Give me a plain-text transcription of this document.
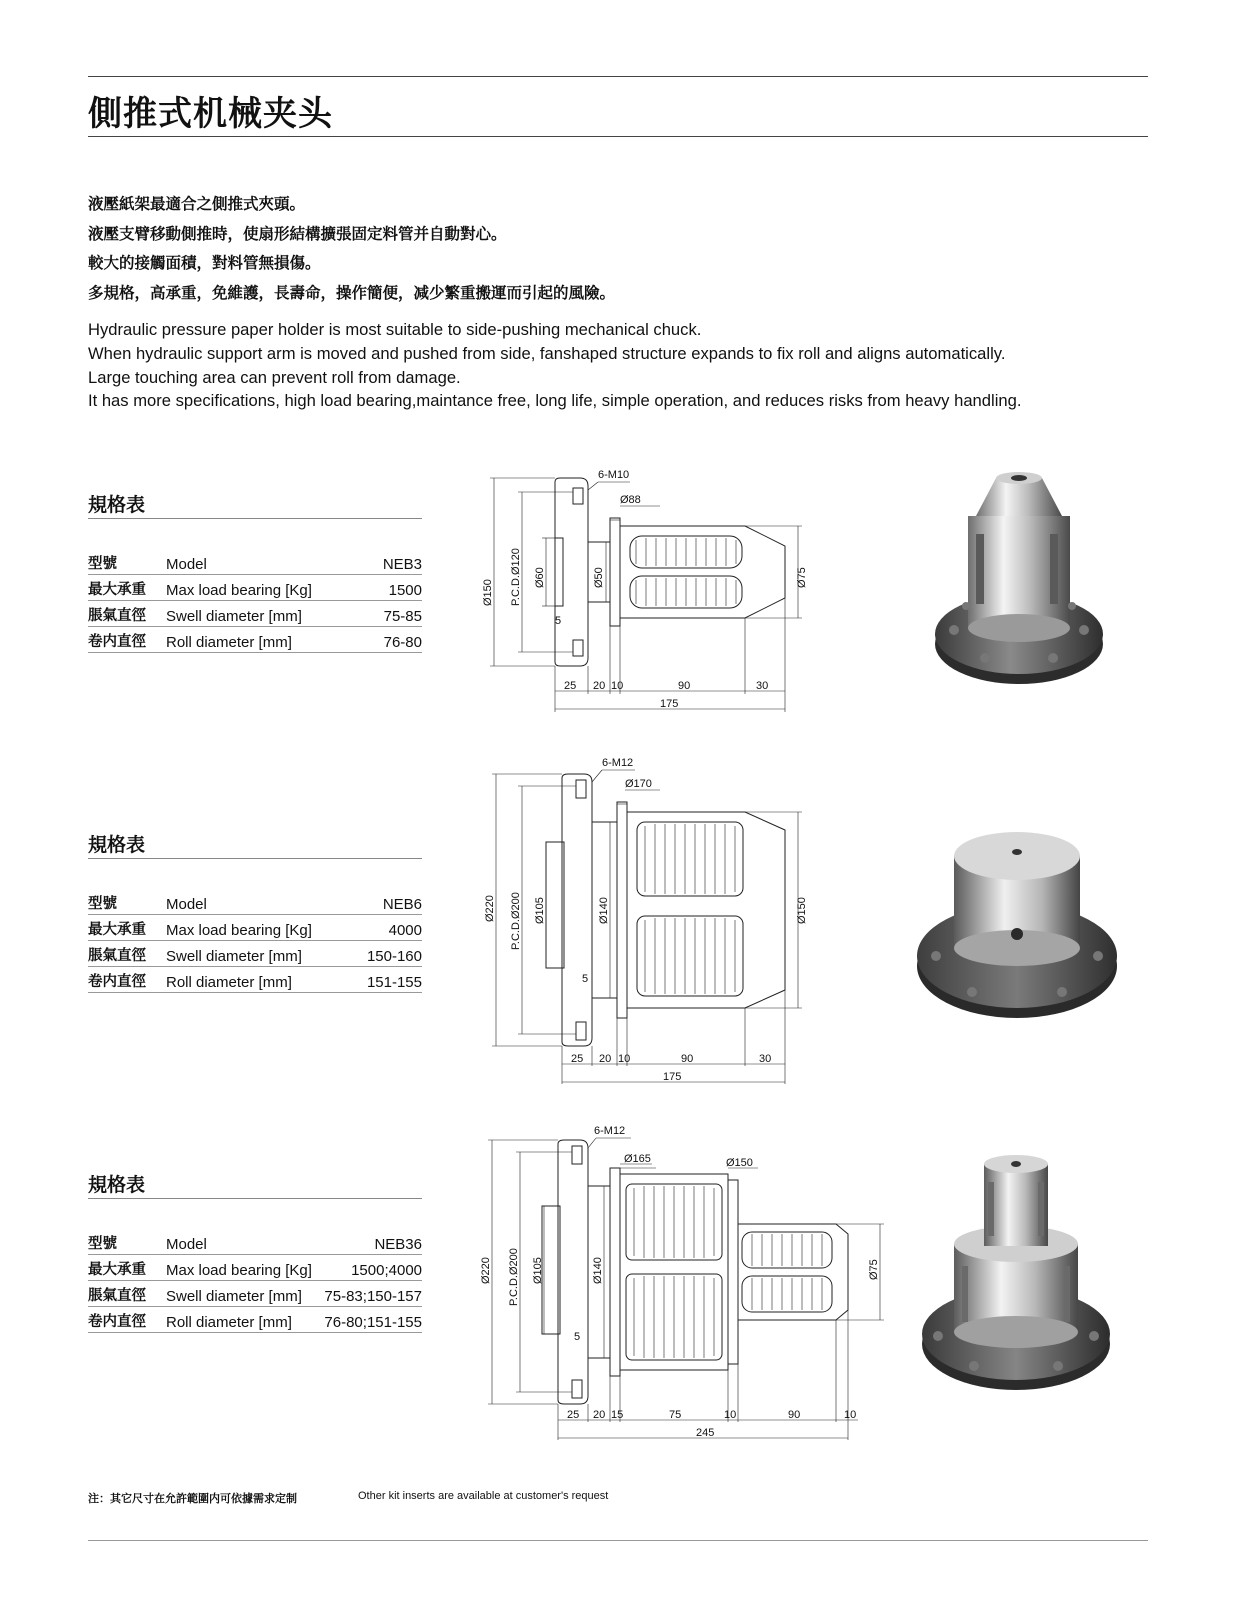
側推式机械夹头
液壓紙架最適合之側推式夾頭。
液壓支臂移動側推時，使扇形結構擴張固定料管并自動對心。
較大的接觸面積，對料管無損傷。
多規格，高承重，免維護，長壽命，操作簡便，减少繁重搬運而引起的風險。
Hydraulic pressure paper holder is most suitable to side-pushing mechanical chuck.
When hydraulic support arm is moved and pushed from side, fanshaped structure expands to fix roll and aligns automatically.
Large touching area can prevent roll from damage.
It has more specifications, high load bearing,maintance free, long life, simple operation, and reduces risks from heavy handling.
規格表
型號	Model	NEB3
最大承重	Max load bearing [Kg]	1500
脹氣直徑	Swell diameter [mm]	75-85
卷内直徑	Roll diameter [mm]	76-80
規格表
型號	Model	NEB6
最大承重	Max load bearing [Kg]	4000
脹氣直徑	Swell diameter [mm]	150-160
卷内直徑	Roll diameter [mm]	151-155
規格表
型號	Model	NEB36
最大承重	Max load bearing [Kg]	1500;4000
脹氣直徑	Swell diameter [mm]	75-83;150-157
卷内直徑	Roll diameter [mm]	76-80;151-155
6-M10
Ø88
Ø150 P.C.D.Ø120 Ø60	Ø50	Ø75
5
25 20 10	90	30
175
6-M12
Ø170
Ø220 P.C.D.Ø200 Ø105	Ø140	Ø150
5
25 20 10	90	30
175
6-M12
Ø165	Ø150
Ø220 P.C.D.Ø200 Ø105	Ø140	Ø75
5
25 20 15	75	10	90	10
245
注：其它尺寸在允許範圍内可依據需求定制	Other kit inserts are available at customer's request
